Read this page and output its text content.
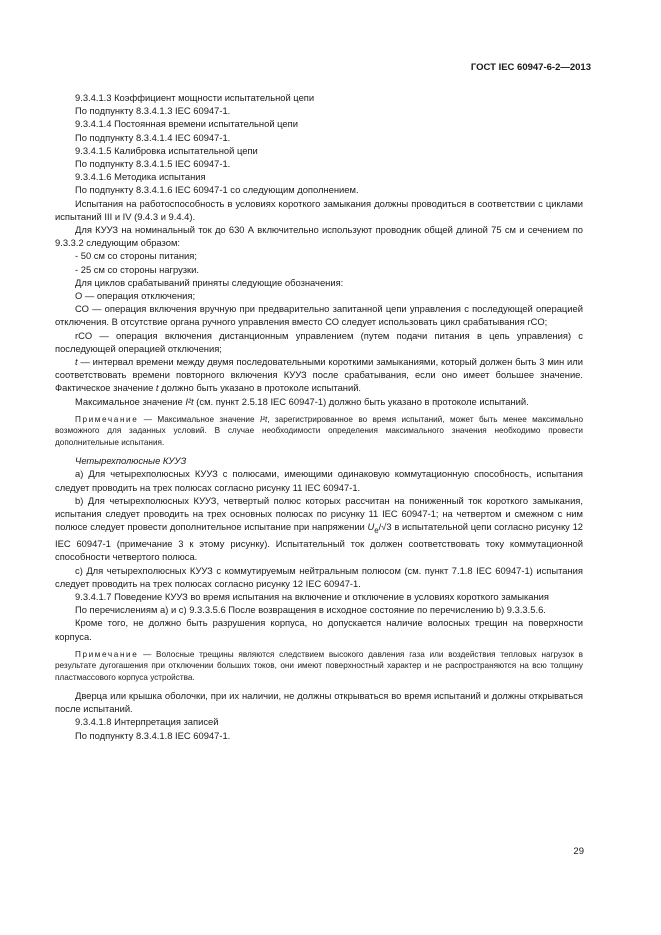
ГОСТ IEC 60947-6-2—2013

9.3.4.1.3 Коэффициент мощности испытательной цепи

По подпункту 8.3.4.1.3 IEC 60947-1.

9.3.4.1.4 Постоянная времени испытательной цепи

По подпункту 8.3.4.1.4 IEC 60947-1.

9.3.4.1.5 Калибровка испытательной цепи

По подпункту 8.3.4.1.5 IEC 60947-1.

9.3.4.1.6 Методика испытания

По подпункту 8.3.4.1.6 IEC 60947-1 со следующим дополнением.

Испытания на работоспособность в условиях короткого замыкания должны проводиться в соответствии с циклами испытаний III и IV (9.4.3 и 9.4.4).

Для КУУЗ на номинальный ток до 630 А включительно используют проводник общей длиной 75 см и сечением по 9.3.3.2 следующим образом:

- 50 см со стороны питания;

- 25 см со стороны нагрузки.

Для циклов срабатываний приняты следующие обозначения:

О — операция отключения;

СО — операция включения вручную при предварительно запитанной цепи управления с последующей операцией отключения. В отсутствие органа ручного управления вместо СО следует использовать цикл срабатывания rCO;

rCO — операция включения дистанционным управлением (путем подачи питания в цепь управления) с последующей операцией отключения;

t — интервал времени между двумя последовательными короткими замыканиями, который должен быть 3 мин или соответствовать времени повторного включения КУУЗ после срабатывания, если оно имеет большее значение. Фактическое значение t должно быть указано в протоколе испытаний.

Максимальное значение I²t (см. пункт 2.5.18 IEC 60947-1) должно быть указано в протоколе испытаний.

Примечание — Максимальное значение I²t, зарегистрированное во время испытаний, может быть менее максимально возможного для заданных условий. В случае необходимости определения максимального значения необходимо провести дополнительные испытания.

Четырехполюсные КУУЗ

a) Для четырехполюсных КУУЗ с полюсами, имеющими одинаковую коммутационную способность, испытания следует проводить на трех полюсах согласно рисунку 11 IEC 60947-1.

b) Для четырехполюсных КУУЗ, четвертый полюс которых рассчитан на пониженный ток короткого замыкания, испытания следует проводить на трех основных полюсах по рисунку 11 IEC 60947-1; на четвертом и смежном с ним полюсе следует провести дополнительное испытание при напряжении $U_e/√3$ в испытательной цепи согласно рисунку 12 IEC 60947-1 (примечание 3 к этому рисунку). Испытательный ток должен соответствовать току коммутационной способности четвертого полюса.

c) Для четырехполюсных КУУЗ с коммутируемым нейтральным полюсом (см. пункт 7.1.8 IEC 60947-1) испытания следует проводить на трех полюсах согласно рисунку 12 IEC 60947-1.

9.3.4.1.7 Поведение КУУЗ во время испытания на включение и отключение в условиях короткого замыкания

По перечислениям a) и c) 9.3.3.5.6 После возвращения в исходное состояние по перечислению b) 9.3.3.5.6.

Кроме того, не должно быть разрушения корпуса, но допускается наличие волосных трещин на поверхности корпуса.

Примечание — Волосные трещины являются следствием высокого давления газа или воздействия тепловых нагрузок в результате дугогашения при отключении больших токов, они имеют поверхностный характер и не распространяются на всю толщину пластмассового корпуса устройства.

Дверца или крышка оболочки, при их наличии, не должны открываться во время испытаний и должны открываться после испытаний.

9.3.4.1.8 Интерпретация записей

По подпункту 8.3.4.1.8 IEC 60947-1.

29
